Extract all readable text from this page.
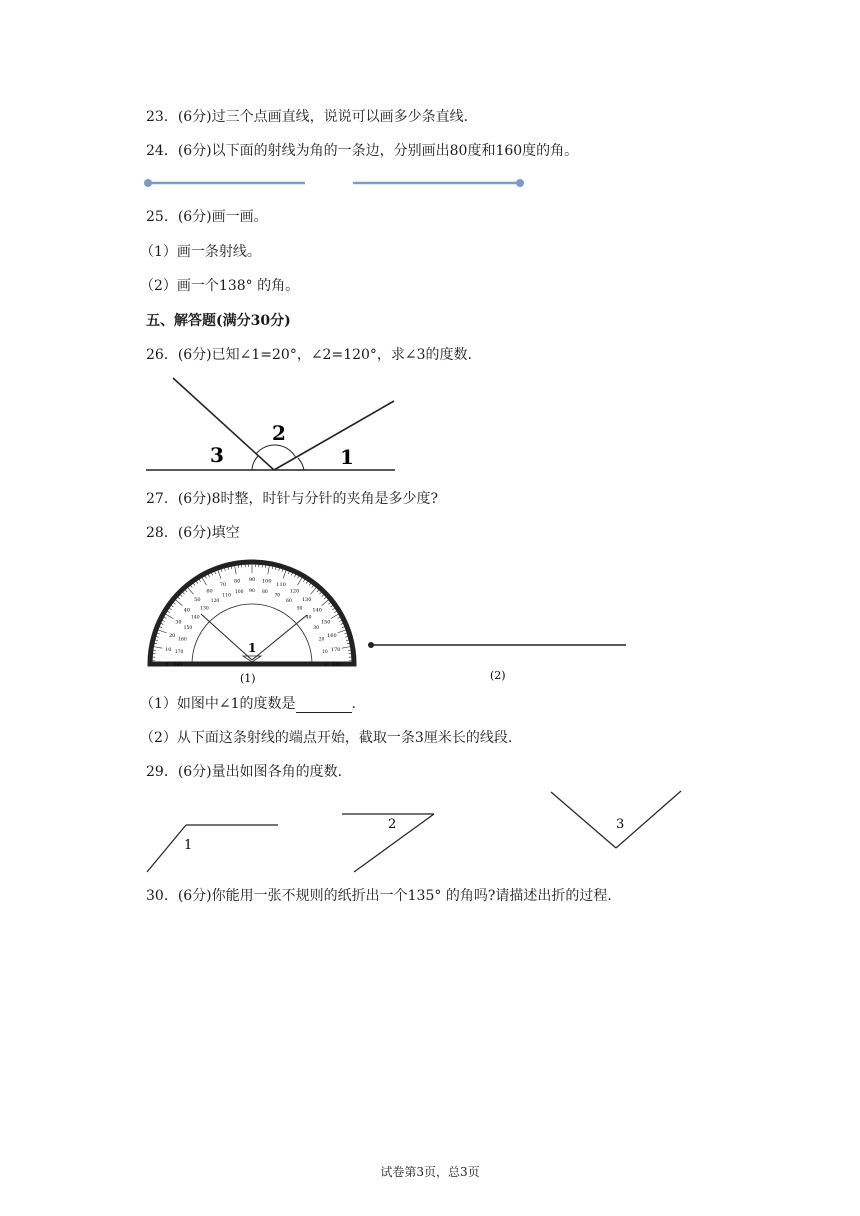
23．(6分)过三个点画直线，说说可以画多少条直线．
24．(6分)以下面的射线为角的一条边，分别画出80度和160度的角。
25．(6分)画一画。
（1）画一条射线。
（2）画一个138° 的角。
五、解答题(满分30分)
26．(6分)已知∠1=20°，∠2=120°，求∠3的度数．
3
2
1
27．(6分)8时整，时针与分针的夹角是多少度?
28．(6分)填空
0
10
20
30
40
50
60
70
80 90 100
110
120
130
140
150
160
170
180
180
170
160
150
140
130
120
110
100 90 80
70
60
50
40
30
20
10
0
1
(1)	(2)
（1）如图中∠1的度数是	.
（2）从下面这条射线的端点开始，截取一条3厘米长的线段.
29．(6分)量出如图各角的度数.
1
2	3
30．(6分)你能用一张不规则的纸折出一个135° 的角吗?请描述出折的过程.
试卷第3页，总3页
